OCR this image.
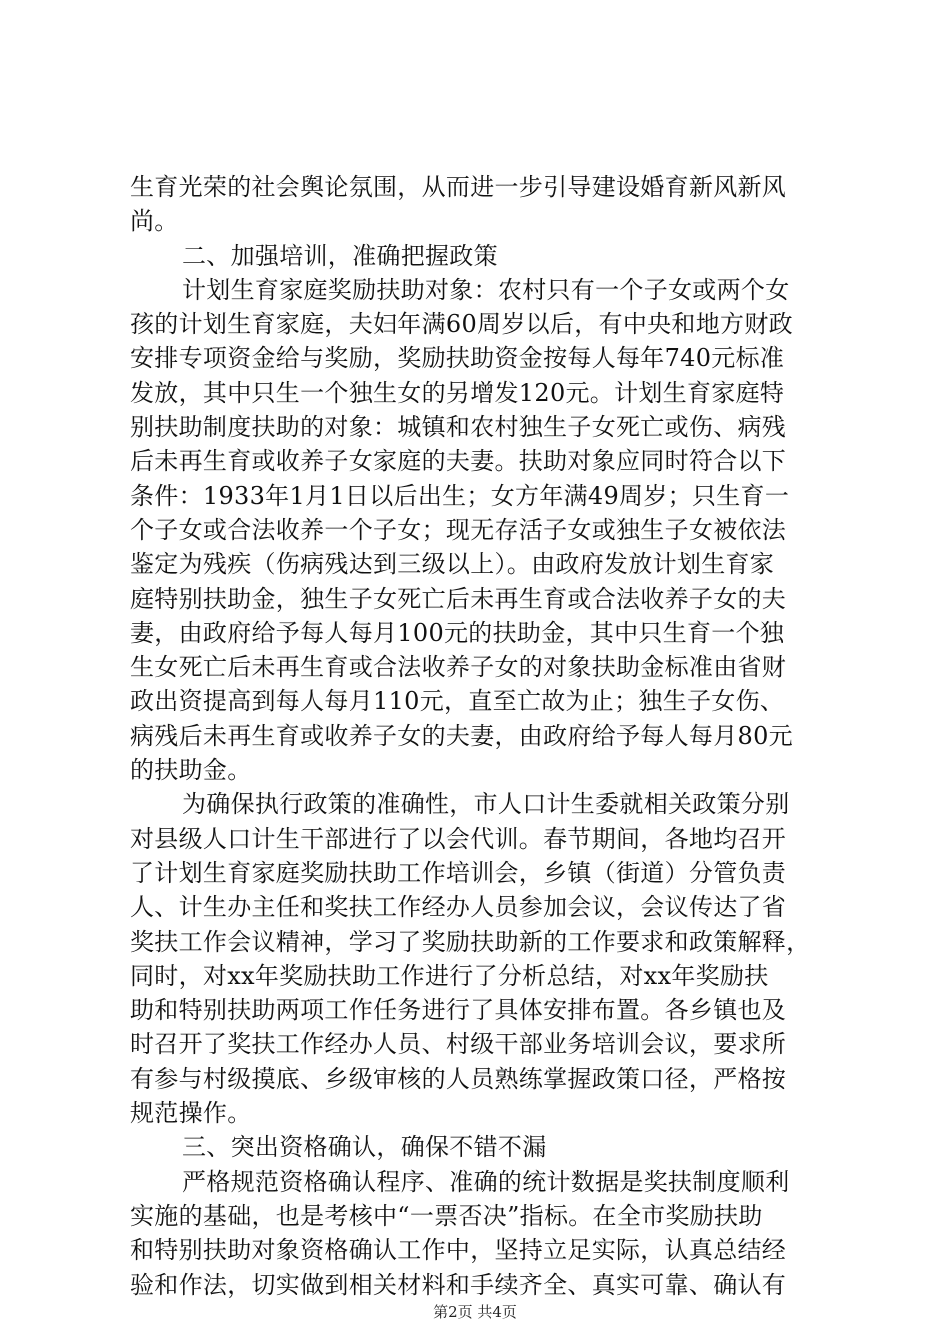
生育光荣的社会舆论氛围，从而进一步引导建设婚育新风新风
尚。
二、加强培训，准确把握政策
计划生育家庭奖励扶助对象：农村只有一个子女或两个女
孩的计划生育家庭，夫妇年满60周岁以后，有中央和地方财政
安排专项资金给与奖励，奖励扶助资金按每人每年740元标准
发放，其中只生一个独生女的另增发120元。计划生育家庭特
别扶助制度扶助的对象：城镇和农村独生子女死亡或伤、病残
后未再生育或收养子女家庭的夫妻。扶助对象应同时符合以下
条件：1933年1月1日以后出生；女方年满49周岁；只生育一
个子女或合法收养一个子女；现无存活子女或独生子女被依法
鉴定为残疾（伤病残达到三级以上）。由政府发放计划生育家
庭特别扶助金，独生子女死亡后未再生育或合法收养子女的夫
妻，由政府给予每人每月100元的扶助金，其中只生育一个独
生女死亡后未再生育或合法收养子女的对象扶助金标准由省财
政出资提高到每人每月110元，直至亡故为止；独生子女伤、
病残后未再生育或收养子女的夫妻，由政府给予每人每月80元
的扶助金。
为确保执行政策的准确性，市人口计生委就相关政策分别
对县级人口计生干部进行了以会代训。春节期间，各地均召开
了计划生育家庭奖励扶助工作培训会，乡镇（街道）分管负责
人、计生办主任和奖扶工作经办人员参加会议，会议传达了省
奖扶工作会议精神，学习了奖励扶助新的工作要求和政策解释，
同时，对xx年奖励扶助工作进行了分析总结，对xx年奖励扶
助和特别扶助两项工作任务进行了具体安排布置。各乡镇也及
时召开了奖扶工作经办人员、村级干部业务培训会议，要求所
有参与村级摸底、乡级审核的人员熟练掌握政策口径，严格按
规范操作。
三、突出资格确认，确保不错不漏
严格规范资格确认程序、准确的统计数据是奖扶制度顺利
实施的基础，也是考核中“一票否决”指标。在全市奖励扶助
和特别扶助对象资格确认工作中，坚持立足实际，认真总结经
验和作法，切实做到相关材料和手续齐全、真实可靠、确认有
第2页 共4页
